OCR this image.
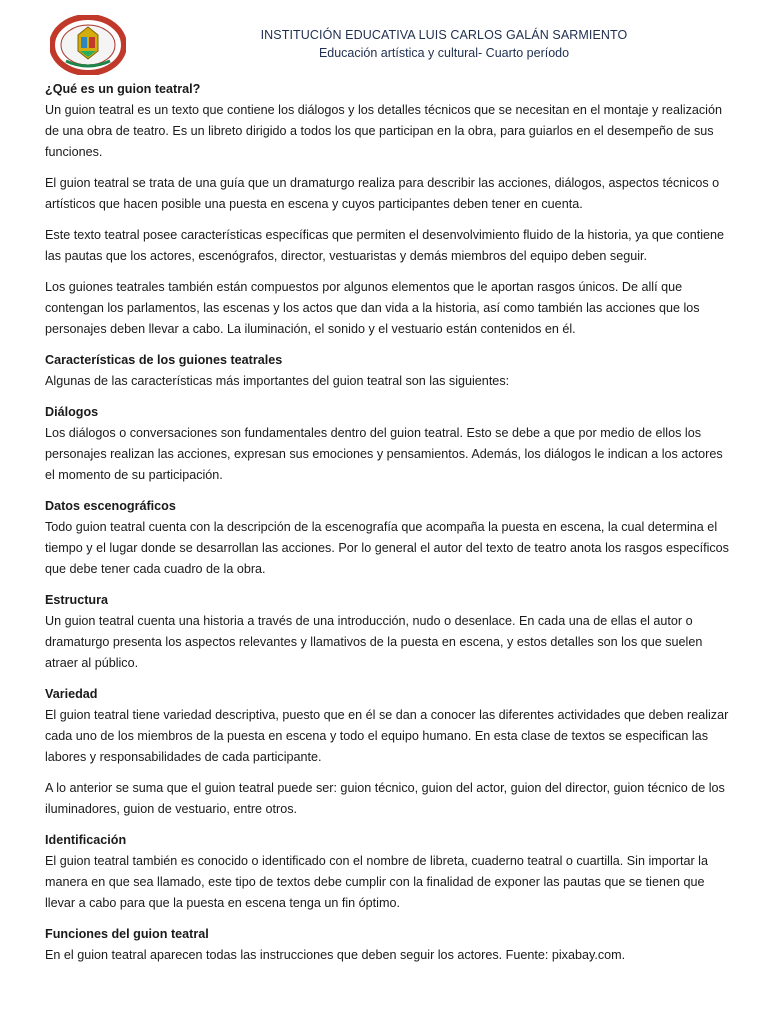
INSTITUCIÓN EDUCATIVA LUIS CARLOS GALÁN SARMIENTO
Educación artística y cultural- Cuarto período

¿Qué es un guion teatral?

Un guion teatral es un texto que contiene los diálogos y los detalles técnicos que se necesitan en el montaje y realización de una obra de teatro. Es un libreto dirigido a todos los que participan en la obra, para guiarlos en el desempeño de sus funciones.

El guion teatral se trata de una guía que un dramaturgo realiza para describir las acciones, diálogos, aspectos técnicos o artísticos que hacen posible una puesta en escena y cuyos participantes deben tener en cuenta.

Este texto teatral posee características específicas que permiten el desenvolvimiento fluido de la historia, ya que contiene las pautas que los actores, escenógrafos, director, vestuaristas y demás miembros del equipo deben seguir.

Los guiones teatrales también están compuestos por algunos elementos que le aportan rasgos únicos. De allí que contengan los parlamentos, las escenas y los actos que dan vida a la historia, así como también las acciones que los personajes deben llevar a cabo. La iluminación, el sonido y el vestuario están contenidos en él.

Características de los guiones teatrales

Algunas de las características más importantes del guion teatral son las siguientes:

Diálogos

Los diálogos o conversaciones son fundamentales dentro del guion teatral. Esto se debe a que por medio de ellos los personajes realizan las acciones, expresan sus emociones y pensamientos. Además, los diálogos le indican a los actores el momento de su participación.

Datos escenográficos

Todo guion teatral cuenta con la descripción de la escenografía que acompaña la puesta en escena, la cual determina el tiempo y el lugar donde se desarrollan las acciones. Por lo general el autor del texto de teatro anota los rasgos específicos que debe tener cada cuadro de la obra.

Estructura

Un guion teatral cuenta una historia a través de una introducción, nudo o desenlace. En cada una de ellas el autor o dramaturgo presenta los aspectos relevantes y llamativos de la puesta en escena, y estos detalles son los que suelen atraer al público.

Variedad

El guion teatral tiene variedad descriptiva, puesto que en él se dan a conocer las diferentes actividades que deben realizar cada uno de los miembros de la puesta en escena y todo el equipo humano. En esta clase de textos se especifican las labores y responsabilidades de cada participante.

A lo anterior se suma que el guion teatral puede ser: guion técnico, guion del actor, guion del director, guion técnico de los iluminadores, guion de vestuario, entre otros.

Identificación

El guion teatral también es conocido o identificado con el nombre de libreta, cuaderno teatral o cuartilla. Sin importar la manera en que sea llamado, este tipo de textos debe cumplir con la finalidad de exponer las pautas que se tienen que llevar a cabo para que la puesta en escena tenga un fin óptimo.

Funciones del guion teatral

En el guion teatral aparecen todas las instrucciones que deben seguir los actores. Fuente: pixabay.com.
